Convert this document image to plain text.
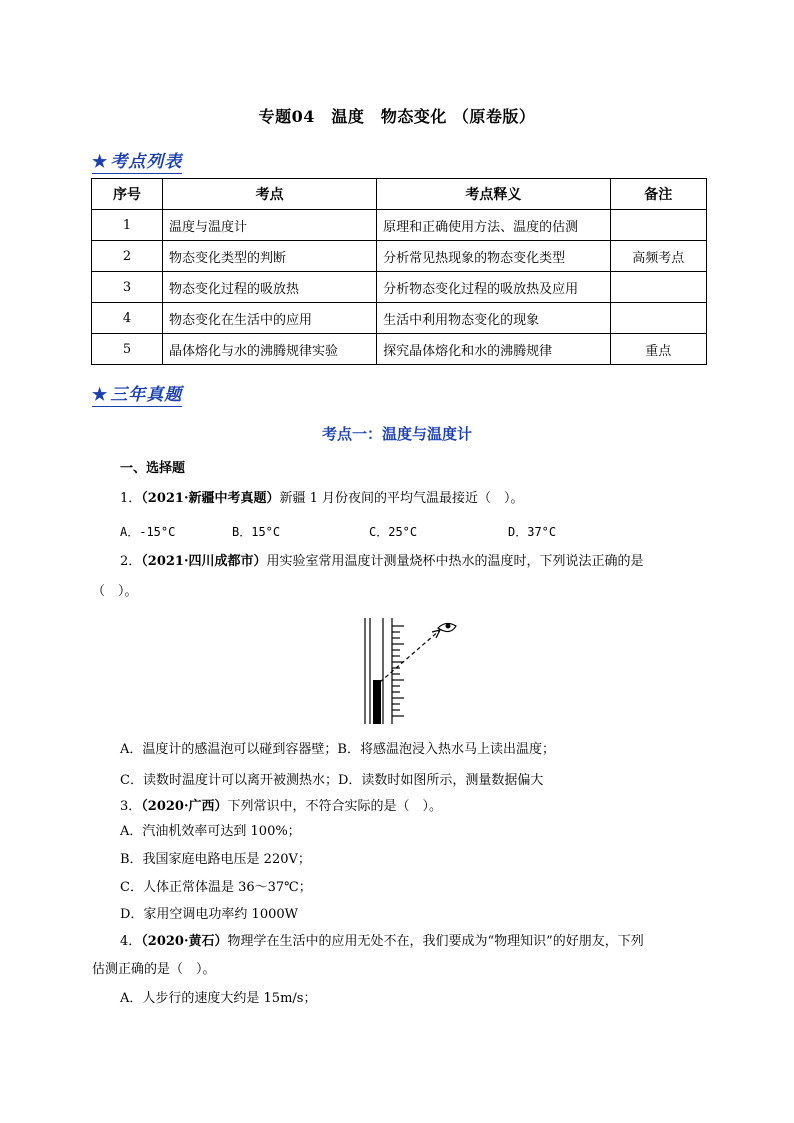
专题04　温度　物态变化 （原卷版）
★ 考点列表
序号	考点	考点释义	备注
1	温度与温度计	原理和正确使用方法、温度的估测	
2	物态变化类型的判断	分析常见热现象的物态变化类型	高频考点
3	物态变化过程的吸放热	分析物态变化过程的吸放热及应用	
4	物态变化在生活中的应用	生活中利用物态变化的现象	
5	晶体熔化与水的沸腾规律实验	探究晶体熔化和水的沸腾规律	重点
★ 三年真题
考点一：温度与温度计
一、选择题
1．（2021·新疆中考真题）新疆 1 月份夜间的平均气温最接近（　）。
A．-15°C	B．15°C	C．25°C	D．37°C
2．（2021·四川成都市）用实验室常用温度计测量烧杯中热水的温度时，下列说法正确的是
（　）。
A．温度计的感温泡可以碰到容器壁；B．将感温泡浸入热水马上读出温度；
C．读数时温度计可以离开被测热水；D．读数时如图所示，测量数据偏大
3．（2020·广西）下列常识中，不符合实际的是（　）。
A．汽油机效率可达到 100%；
B．我国家庭电路电压是 220V；
C．人体正常体温是 36～37℃；
D．家用空调电功率约 1000W
4．（2020·黄石）物理学在生活中的应用无处不在，我们要成为“物理知识”的好朋友，下列
估测正确的是（　）。
A．人步行的速度大约是 15m/s；
